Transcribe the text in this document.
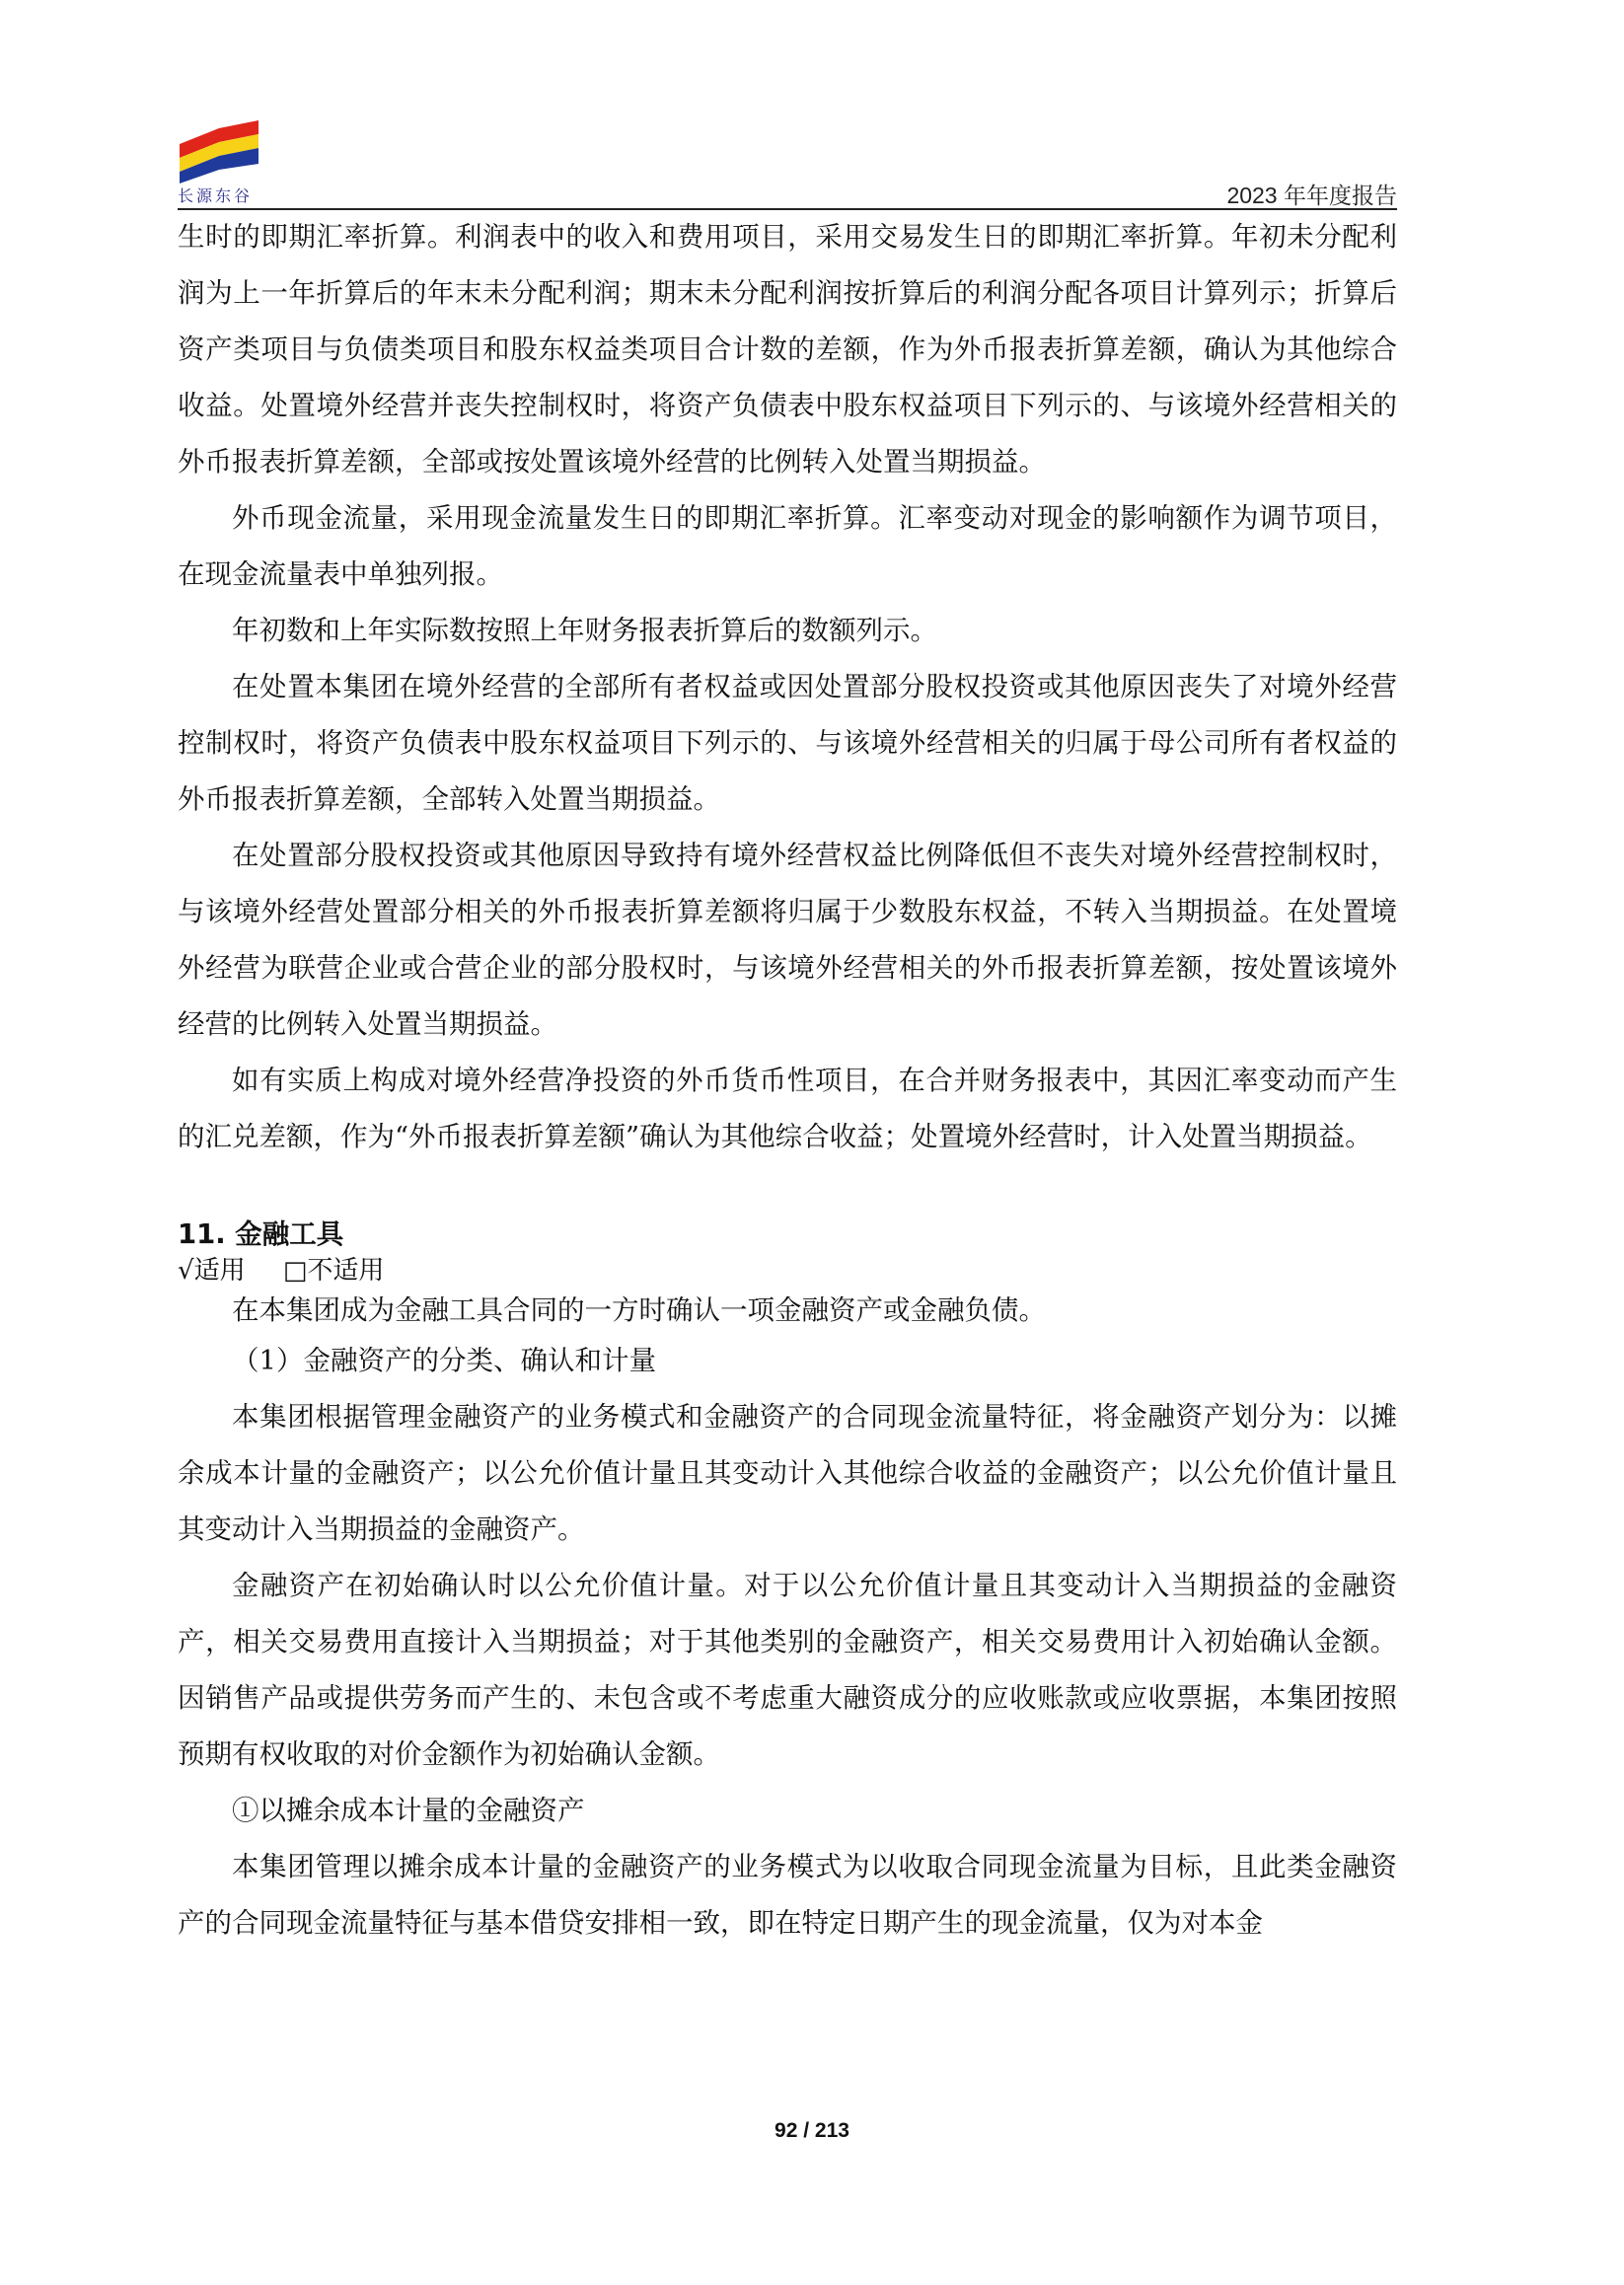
长源东谷	2023 年年度报告

生时的即期汇率折算。利润表中的收入和费用项目，采用交易发生日的即期汇率折算。年初未分配利润为上一年折算后的年末未分配利润；期末未分配利润按折算后的利润分配各项目计算列示；折算后资产类项目与负债类项目和股东权益类项目合计数的差额，作为外币报表折算差额，确认为其他综合收益。处置境外经营并丧失控制权时，将资产负债表中股东权益项目下列示的、与该境外经营相关的外币报表折算差额，全部或按处置该境外经营的比例转入处置当期损益。

外币现金流量，采用现金流量发生日的即期汇率折算。汇率变动对现金的影响额作为调节项目，在现金流量表中单独列报。

年初数和上年实际数按照上年财务报表折算后的数额列示。

在处置本集团在境外经营的全部所有者权益或因处置部分股权投资或其他原因丧失了对境外经营控制权时，将资产负债表中股东权益项目下列示的、与该境外经营相关的归属于母公司所有者权益的外币报表折算差额，全部转入处置当期损益。

在处置部分股权投资或其他原因导致持有境外经营权益比例降低但不丧失对境外经营控制权时，与该境外经营处置部分相关的外币报表折算差额将归属于少数股东权益，不转入当期损益。在处置境外经营为联营企业或合营企业的部分股权时，与该境外经营相关的外币报表折算差额，按处置该境外经营的比例转入处置当期损益。

如有实质上构成对境外经营净投资的外币货币性项目，在合并财务报表中，其因汇率变动而产生的汇兑差额，作为“外币报表折算差额”确认为其他综合收益；处置境外经营时，计入处置当期损益。

11. 金融工具
√适用 □不适用

在本集团成为金融工具合同的一方时确认一项金融资产或金融负债。

（1）金融资产的分类、确认和计量

本集团根据管理金融资产的业务模式和金融资产的合同现金流量特征，将金融资产划分为：以摊余成本计量的金融资产；以公允价值计量且其变动计入其他综合收益的金融资产；以公允价值计量且其变动计入当期损益的金融资产。

金融资产在初始确认时以公允价值计量。对于以公允价值计量且其变动计入当期损益的金融资产，相关交易费用直接计入当期损益；对于其他类别的金融资产，相关交易费用计入初始确认金额。因销售产品或提供劳务而产生的、未包含或不考虑重大融资成分的应收账款或应收票据，本集团按照预期有权收取的对价金额作为初始确认金额。

①以摊余成本计量的金融资产

本集团管理以摊余成本计量的金融资产的业务模式为以收取合同现金流量为目标，且此类金融资产的合同现金流量特征与基本借贷安排相一致，即在特定日期产生的现金流量，仅为对本金

92 / 213
